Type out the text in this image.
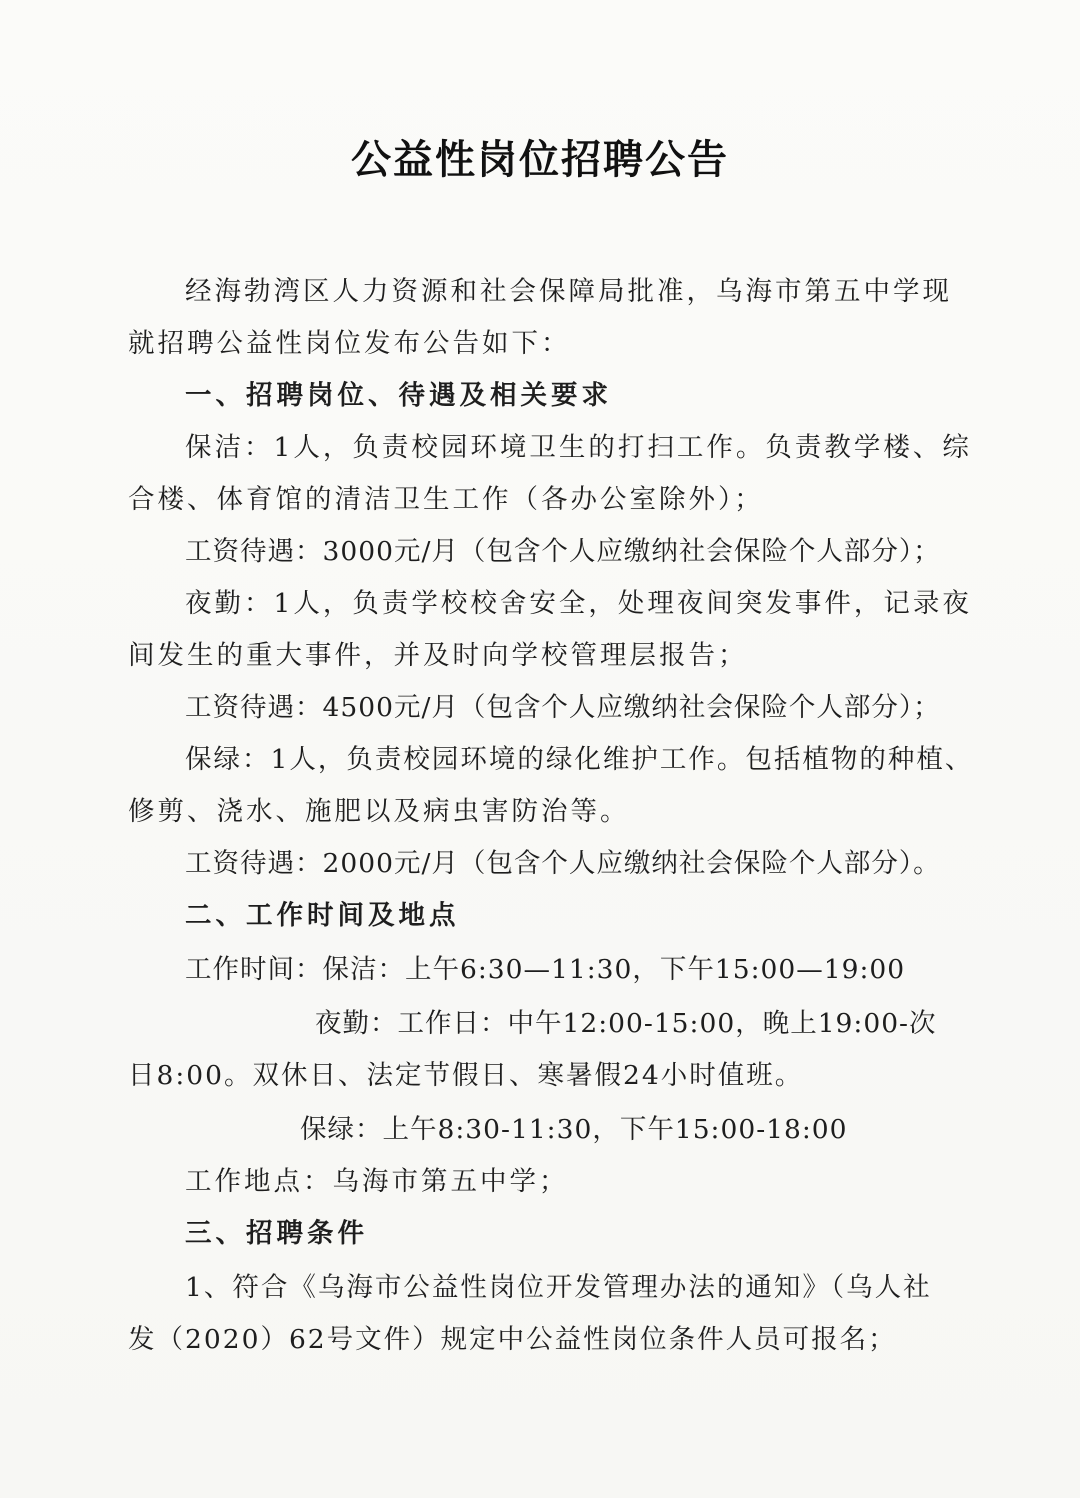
公益性岗位招聘公告
经海勃湾区人力资源和社会保障局批准，乌海市第五中学现
就招聘公益性岗位发布公告如下：
一、招聘岗位、待遇及相关要求
保洁：1人，负责校园环境卫生的打扫工作。负责教学楼、综
合楼、体育馆的清洁卫生工作（各办公室除外）；
工资待遇：3000元/月（包含个人应缴纳社会保险个人部分）；
夜勤：1人，负责学校校舍安全，处理夜间突发事件，记录夜
间发生的重大事件，并及时向学校管理层报告；
工资待遇：4500元/月（包含个人应缴纳社会保险个人部分）；
保绿：1人，负责校园环境的绿化维护工作。包括植物的种植、
修剪、浇水、施肥以及病虫害防治等。
工资待遇：2000元/月（包含个人应缴纳社会保险个人部分）。
二、工作时间及地点
工作时间：保洁：上午6:30—11:30，下午15:00—19:00
夜勤：工作日：中午12:00-15:00，晚上19:00-次
日8:00。双休日、法定节假日、寒暑假24小时值班。
保绿：上午8:30-11:30，下午15:00-18:00
工作地点：乌海市第五中学；
三、招聘条件
1、符合《乌海市公益性岗位开发管理办法的通知》（乌人社
发（2020）62号文件）规定中公益性岗位条件人员可报名；
